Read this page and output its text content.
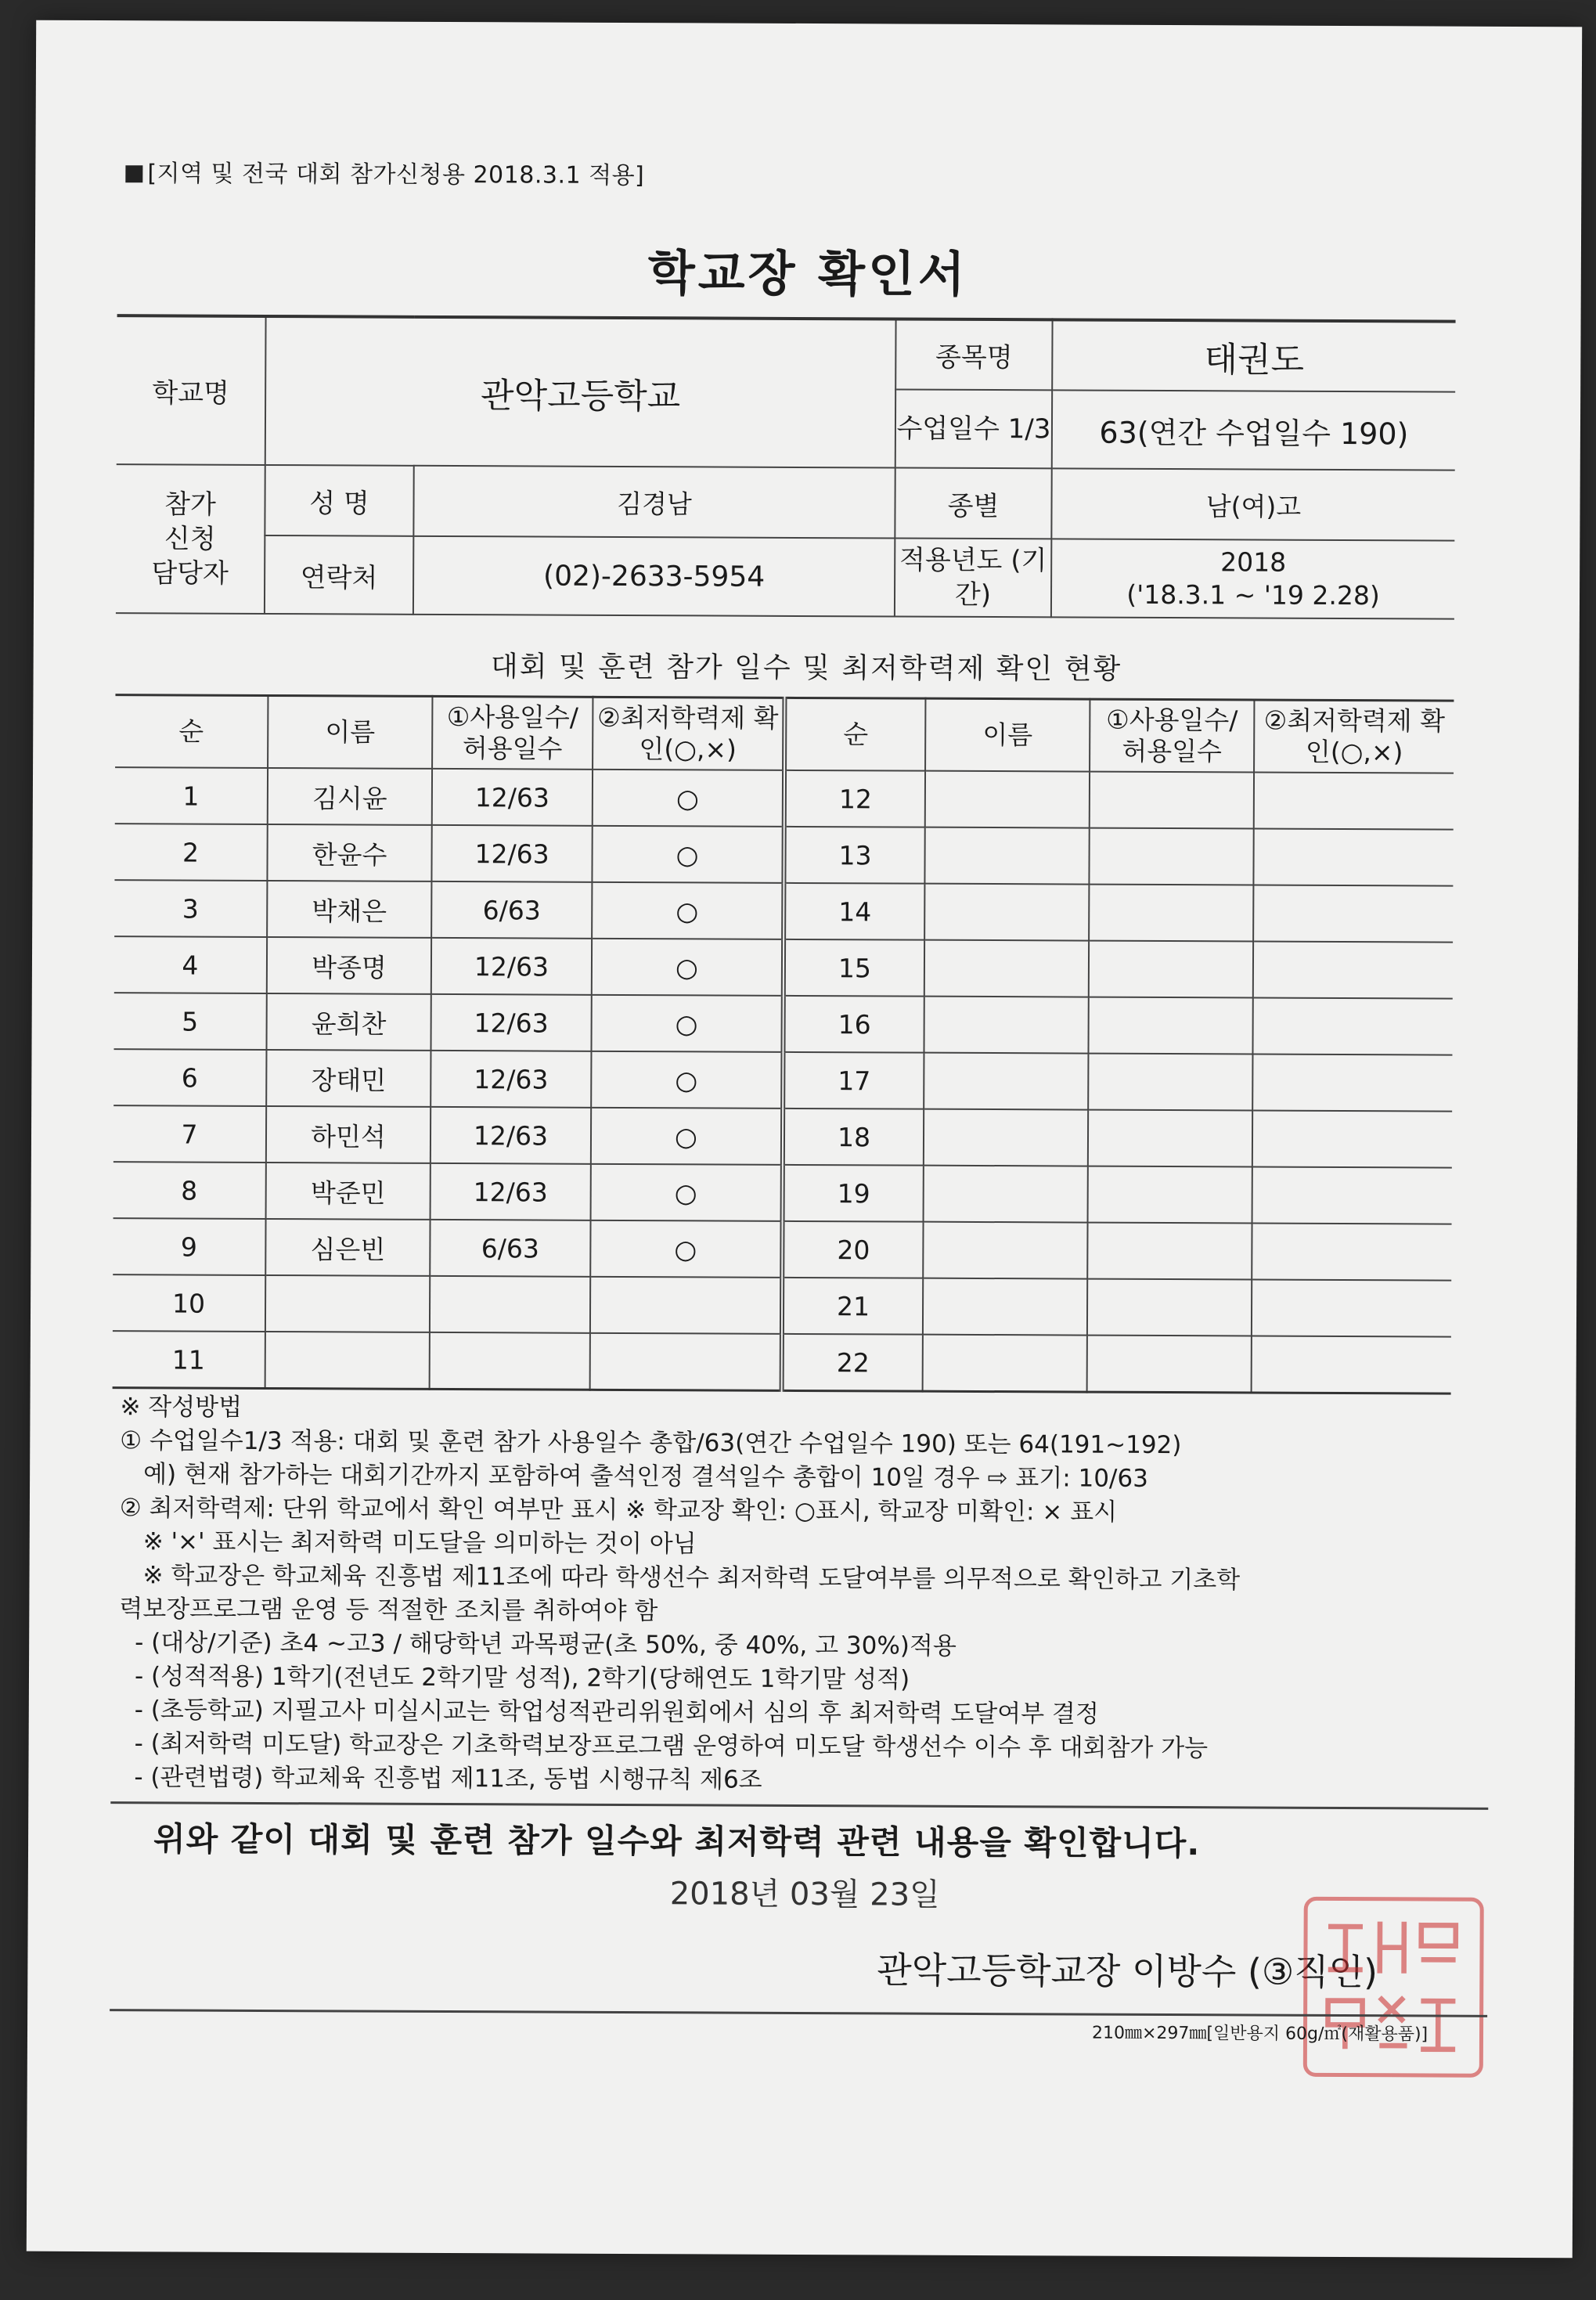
[지역 및 전국 대회 참가신청용 2018.3.1 적용]
학교장 확인서
학교명	관악고등학교		종목명	태권도
			수업일수 1/3	63(연간 수업일수 190)
참가 신청 담당자	성 명	김경남	종별	남(여)고
	연락처	(02)-2633-5954	적용년도 (기간)	2018
('18.3.1 ~ '19 2.28)
대회 및 훈련 참가 일수 및 최저학력제 확인 현황
순	이름	①사용일수/ 허용일수	②최저학력제 확인(○,×)	순	이름	①사용일수/ 허용일수	②최저학력제 확인(○,×)
1	김시윤	12/63	○	12			
2	한윤수	12/63	○	13			
3	박채은	6/63	○	14			
4	박종명	12/63	○	15			
5	윤희찬	12/63	○	16			
6	장태민	12/63	○	17			
7	하민석	12/63	○	18			
8	박준민	12/63	○	19			
9	심은빈	6/63	○	20			
10				21			
11				22			

※ 작성방법

① 수업일수1/3 적용: 대회 및 훈련 참가 사용일수 총합/63(연간 수업일수 190) 또는 64(191~192)

예) 현재 참가하는 대회기간까지 포함하여 출석인정 결석일수 총합이 10일 경우 ⇨ 표기: 10/63

② 최저학력제: 단위 학교에서 확인 여부만 표시 ※ 학교장 확인: ○표시, 학교장 미확인: × 표시

※ '×' 표시는 최저학력 미도달을 의미하는 것이 아님

※ 학교장은 학교체육 진흥법 제11조에 따라 학생선수 최저학력 도달여부를 의무적으로 확인하고 기초학

력보장프로그램 운영 등 적절한 조치를 취하여야 함

- (대상/기준) 초4 ~고3 / 해당학년 과목평균(초 50%, 중 40%, 고 30%)적용

- (성적적용) 1학기(전년도 2학기말 성적), 2학기(당해연도 1학기말 성적)

- (초등학교) 지필고사 미실시교는 학업성적관리위원회에서 심의 후 최저학력 도달여부 결정

- (최저학력 미도달) 학교장은 기초학력보장프로그램 운영하여 미도달 학생선수 이수 후 대회참가 가능

- (관련법령) 학교체육 진흥법 제11조, 동법 시행규칙 제6조

위와 같이 대회 및 훈련 참가 일수와 최저학력 관련 내용을 확인합니다.
2018년 03월 23일
관악고등학교장 이방수 (③직인)
210㎜×297㎜[일반용지 60g/㎡(재활용품)]
